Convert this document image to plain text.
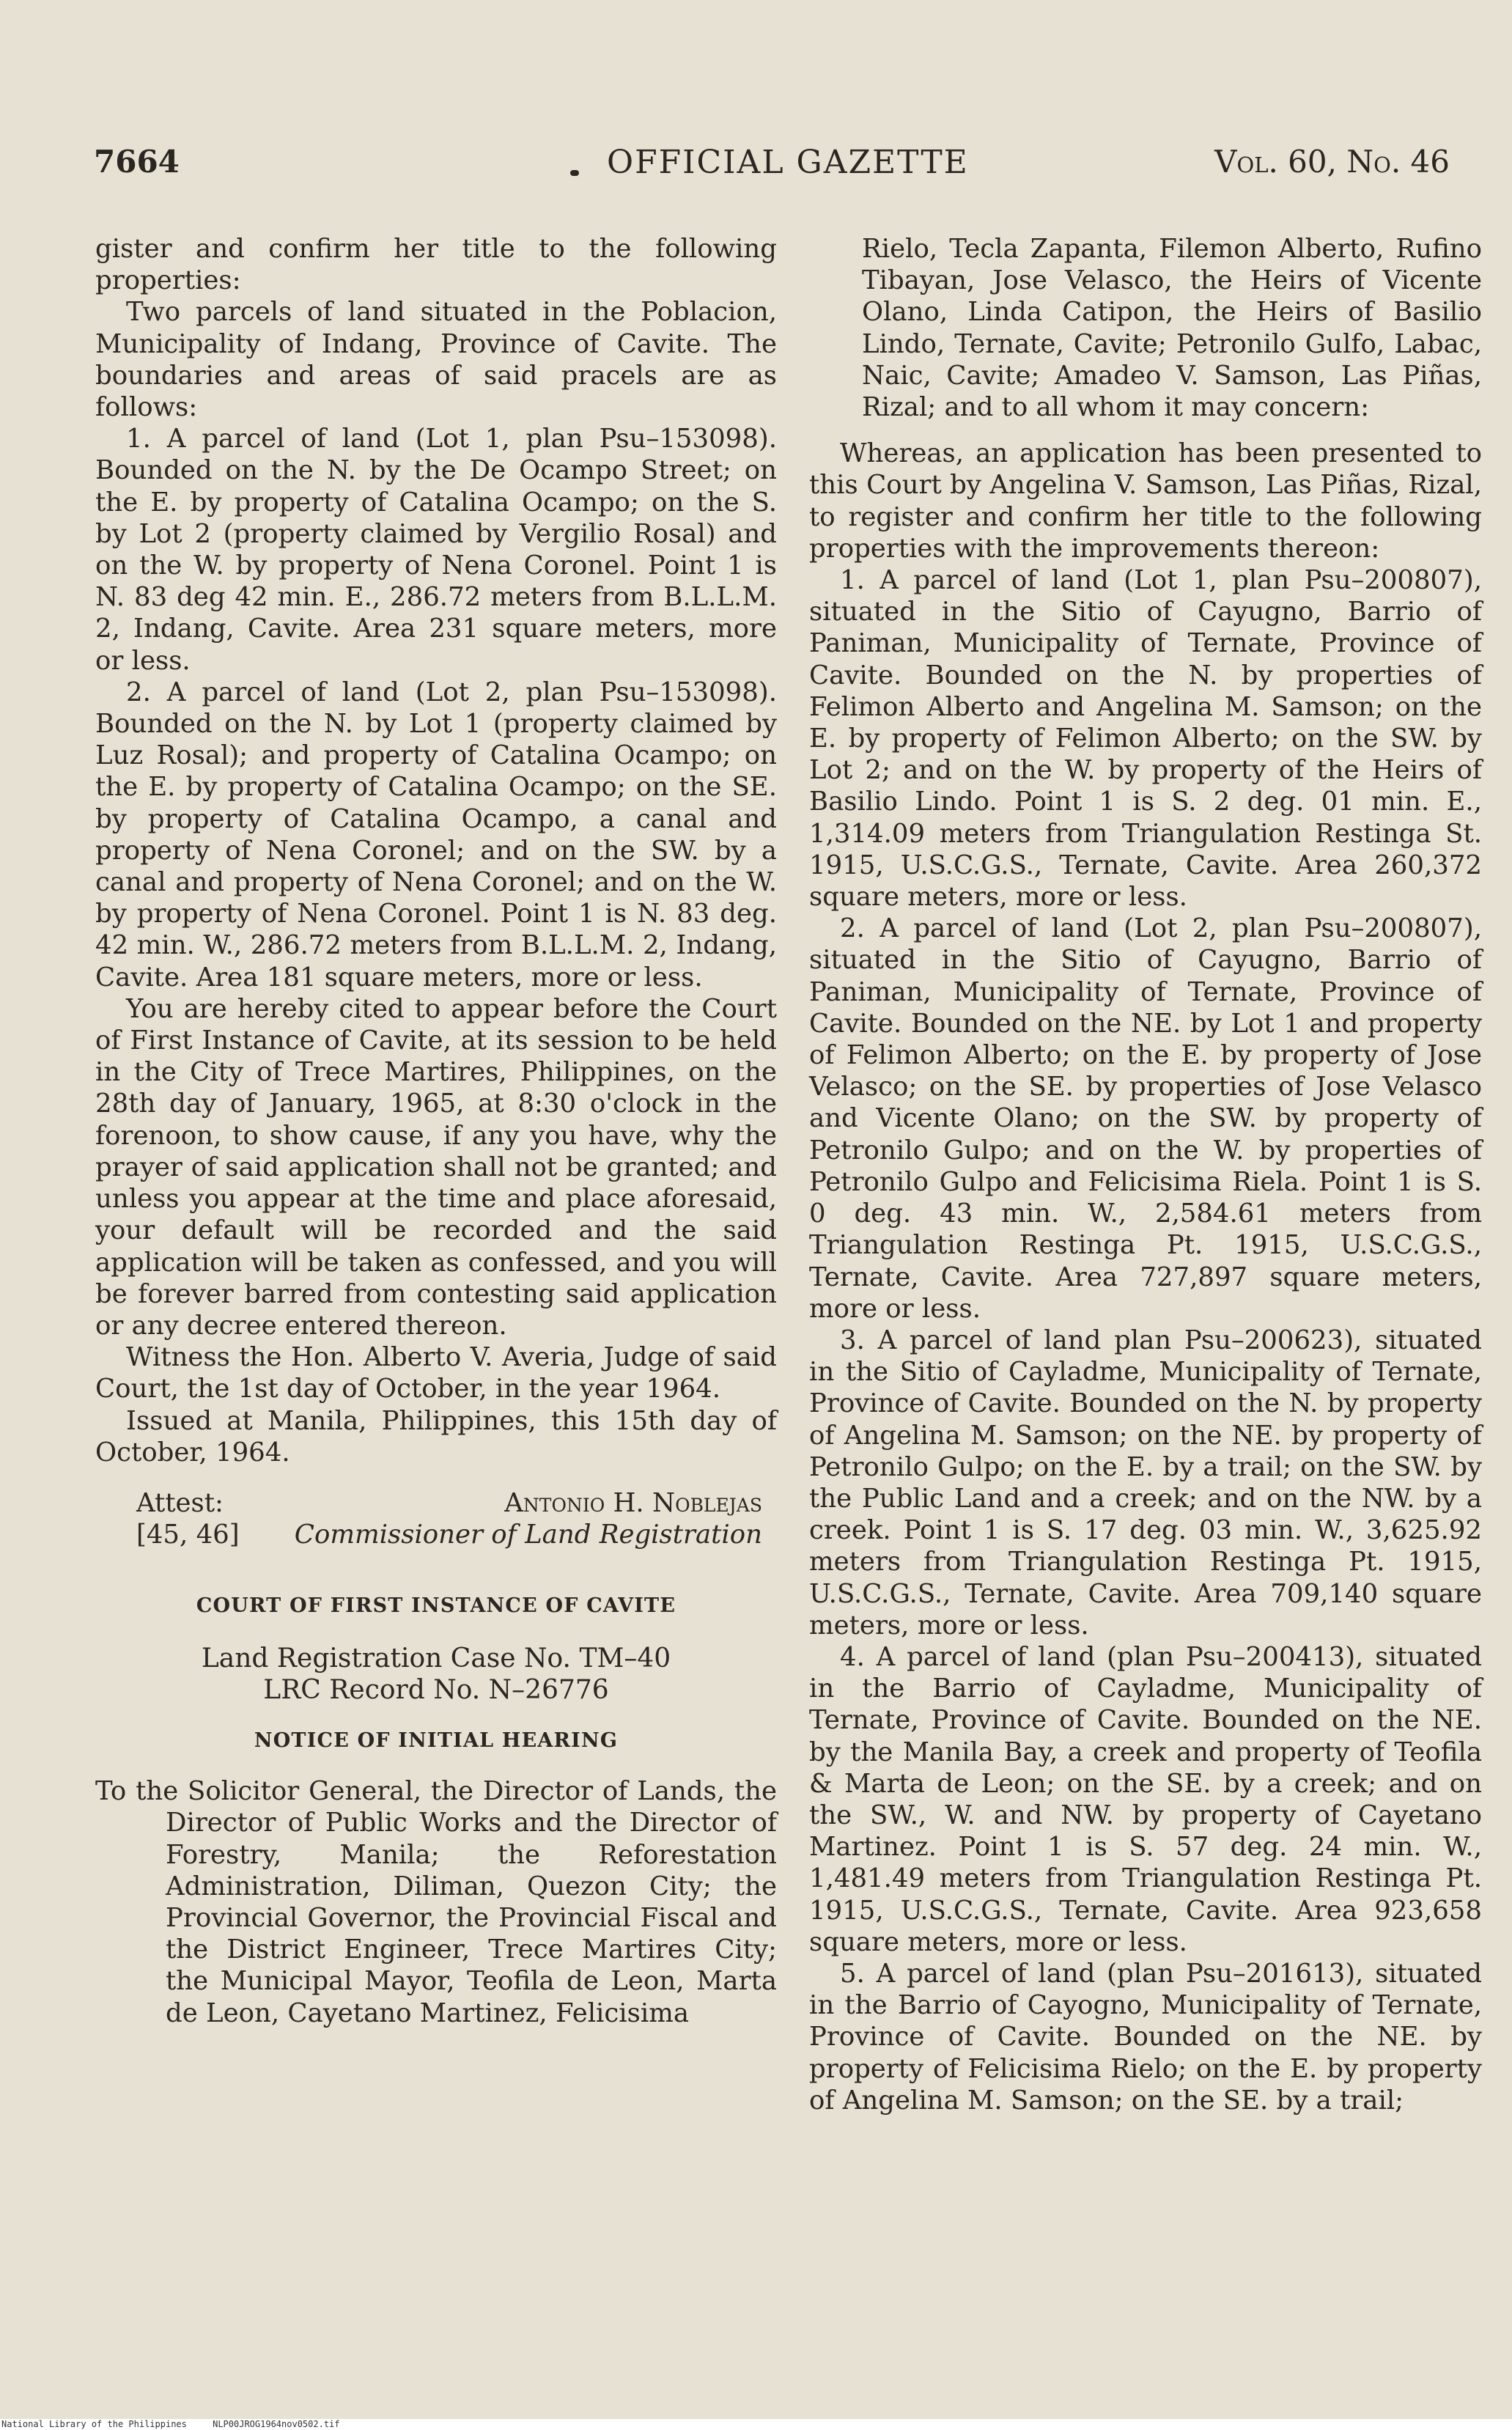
7664	OFFICIAL GAZETTE	Vol. 60, No. 46

gister and confirm her title to the following properties:

Two parcels of land situated in the Poblacion, Municipality of Indang, Province of Cavite. The boundaries and areas of said pracels are as follows:

1. A parcel of land (Lot 1, plan Psu–153098). Bounded on the N. by the De Ocampo Street; on the E. by property of Catalina Ocampo; on the S. by Lot 2 (property claimed by Vergilio Rosal) and on the W. by property of Nena Coronel. Point 1 is N. 83 deg 42 min. E., 286.72 meters from B.L.L.M. 2, Indang, Cavite. Area 231 square meters, more or less.

2. A parcel of land (Lot 2, plan Psu–153098). Bounded on the N. by Lot 1 (property claimed by Luz Rosal); and property of Catalina Ocampo; on the E. by property of Catalina Ocampo; on the SE. by property of Catalina Ocampo, a canal and property of Nena Coronel; and on the SW. by a canal and property of Nena Coronel; and on the W. by property of Nena Coronel. Point 1 is N. 83 deg. 42 min. W., 286.72 meters from B.L.L.M. 2, Indang, Cavite. Area 181 square meters, more or less.

You are hereby cited to appear before the Court of First Instance of Cavite, at its session to be held in the City of Trece Martires, Philippines, on the 28th day of January, 1965, at 8:30 o'clock in the forenoon, to show cause, if any you have, why the prayer of said application shall not be granted; and unless you appear at the time and place aforesaid, your default will be recorded and the said application will be taken as confessed, and you will be forever barred from contesting said application or any decree entered thereon.

Witness the Hon. Alberto V. Averia, Judge of said Court, the 1st day of October, in the year 1964.

Issued at Manila, Philippines, this 15th day of October, 1964.

Attest:	Antonio H. Noblejas
[45, 46] Commissioner of Land Registration

COURT OF FIRST INSTANCE OF CAVITE

Land Registration Case No. TM–40

LRC Record No. N–26776

NOTICE OF INITIAL HEARING

To the Solicitor General, the Director of Lands, the Director of Public Works and the Director of Forestry, Manila; the Reforestation Administration, Diliman, Quezon City; the Provincial Governor, the Provincial Fiscal and the District Engineer, Trece Martires City; the Municipal Mayor, Teofila de Leon, Marta de Leon, Cayetano Martinez, Felicisima

Rielo, Tecla Zapanta, Filemon Alberto, Rufino Tibayan, Jose Velasco, the Heirs of Vicente Olano, Linda Catipon, the Heirs of Basilio Lindo, Ternate, Cavite; Petronilo Gulfo, Labac, Naic, Cavite; Amadeo V. Samson, Las Piñas, Rizal; and to all whom it may concern:

Whereas, an application has been presented to this Court by Angelina V. Samson, Las Piñas, Rizal, to register and confirm her title to the following properties with the improvements thereon:

1. A parcel of land (Lot 1, plan Psu–200807), situated in the Sitio of Cayugno, Barrio of Paniman, Municipality of Ternate, Province of Cavite. Bounded on the N. by properties of Felimon Alberto and Angelina M. Samson; on the E. by property of Felimon Alberto; on the SW. by Lot 2; and on the W. by property of the Heirs of Basilio Lindo. Point 1 is S. 2 deg. 01 min. E., 1,314.09 meters from Triangulation Restinga St. 1915, U.S.C.G.S., Ternate, Cavite. Area 260,372 square meters, more or less.

2. A parcel of land (Lot 2, plan Psu–200807), situated in the Sitio of Cayugno, Barrio of Paniman, Municipality of Ternate, Province of Cavite. Bounded on the NE. by Lot 1 and property of Felimon Alberto; on the E. by property of Jose Velasco; on the SE. by properties of Jose Velasco and Vicente Olano; on the SW. by property of Petronilo Gulpo; and on the W. by properties of Petronilo Gulpo and Felicisima Riela. Point 1 is S. 0 deg. 43 min. W., 2,584.61 meters from Triangulation Restinga Pt. 1915, U.S.C.G.S., Ternate, Cavite. Area 727,897 square meters, more or less.

3. A parcel of land plan Psu–200623), situated in the Sitio of Cayladme, Municipality of Ternate, Province of Cavite. Bounded on the N. by property of Angelina M. Samson; on the NE. by property of Petronilo Gulpo; on the E. by a trail; on the SW. by the Public Land and a creek; and on the NW. by a creek. Point 1 is S. 17 deg. 03 min. W., 3,625.92 meters from Triangulation Restinga Pt. 1915, U.S.C.G.S., Ternate, Cavite. Area 709,140 square meters, more or less.

4. A parcel of land (plan Psu–200413), situated in the Barrio of Cayladme, Municipality of Ternate, Province of Cavite. Bounded on the NE. by the Manila Bay, a creek and property of Teofila & Marta de Leon; on the SE. by a creek; and on the SW., W. and NW. by property of Cayetano Martinez. Point 1 is S. 57 deg. 24 min. W., 1,481.49 meters from Triangulation Restinga Pt. 1915, U.S.C.G.S., Ternate, Cavite. Area 923,658 square meters, more or less.

5. A parcel of land (plan Psu–201613), situated in the Barrio of Cayogno, Municipality of Ternate, Province of Cavite. Bounded on the NE. by property of Felicisima Rielo; on the E. by property of Angelina M. Samson; on the SE. by a trail;

National Library of the Philippines	NLP00JROG1964nov0502.tif
